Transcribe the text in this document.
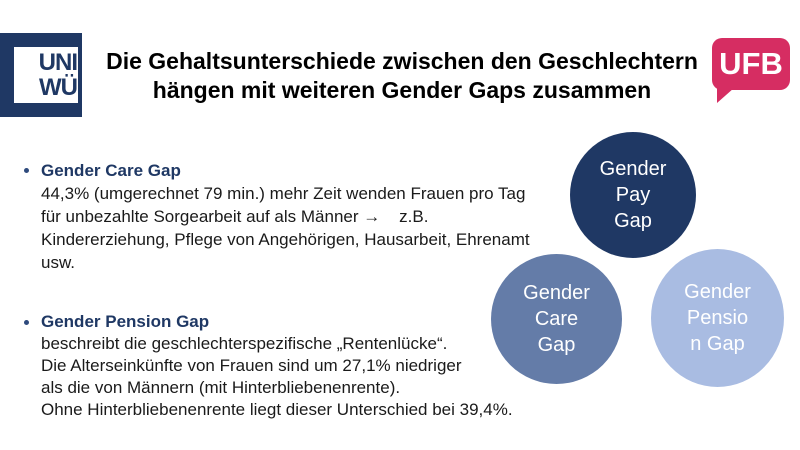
UNI
WÜ
Die Gehaltsunterschiede zwischen den Geschlechtern
hängen mit weiteren Gender Gaps zusammen
UFB
Gender Care Gap
44,3% (umgerechnet 79 min.) mehr Zeit wenden Frauen pro Tag
für unbezahlte Sorgearbeit auf als Männer →    z.B.
Kindererziehung, Pflege von Angehörigen, Hausarbeit, Ehrenamt
usw.
Gender Pension Gap
beschreibt die geschlechterspezifische „Rentenlücke“.
Die Alterseinkünfte von Frauen sind um 27,1% niedriger
als die von Männern (mit Hinterbliebenenrente).
Ohne Hinterbliebenenrente liegt dieser Unterschied bei 39,4%.
Gender
Pay
Gap
Gender
Care
Gap
Gender
Pensio
n Gap
